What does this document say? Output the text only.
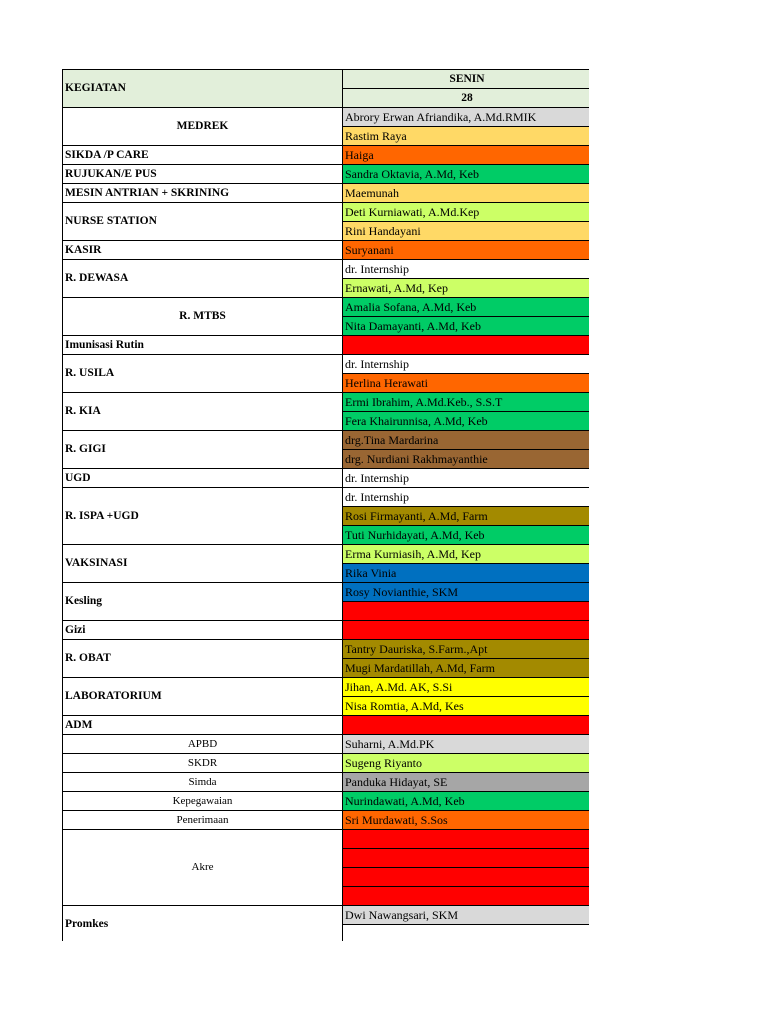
KEGIATAN	SENIN
	28
MEDREK	Abrory Erwan Afriandika, A.Md.RMIK
	Rastim Raya
SIKDA /P CARE	Haiga
RUJUKAN/E PUS	Sandra Oktavia, A.Md, Keb
MESIN ANTRIAN + SKRINING	Maemunah
NURSE STATION	Deti Kurniawati, A.Md.Kep
	Rini Handayani
KASIR	Suryanani
R. DEWASA	dr. Internship
	Ernawati, A.Md, Kep
R. MTBS	Amalia Sofana, A.Md, Keb
	Nita Damayanti, A.Md, Keb
Imunisasi Rutin	
R. USILA	dr. Internship
	Herlina Herawati
R. KIA	Ermi Ibrahim, A.Md.Keb., S.S.T
	Fera Khairunnisa, A.Md, Keb
R. GIGI	drg.Tina Mardarina
	drg. Nurdiani Rakhmayanthie
UGD	dr. Internship
R. ISPA +UGD	dr. Internship
	Rosi Firmayanti, A.Md, Farm
	Tuti Nurhidayati, A.Md, Keb
VAKSINASI	Erma Kurniasih, A.Md, Kep
	Rika Vinia
Kesling	Rosy Novianthie, SKM

Gizi	
R. OBAT	Tantry Dauriska, S.Farm.,Apt
	Mugi Mardatillah, A.Md, Farm
LABORATORIUM	Jihan, A.Md. AK, S.Si
	Nisa Romtia, A.Md, Kes
ADM	
APBD	Suharni, A.Md.PK
SKDR	Sugeng Riyanto
Simda	Panduka Hidayat, SE
Kepegawaian	Nurindawati, A.Md, Keb
Penerimaan	Sri Murdawati, S.Sos
Akre	

Promkes	Dwi Nawangsari, SKM
